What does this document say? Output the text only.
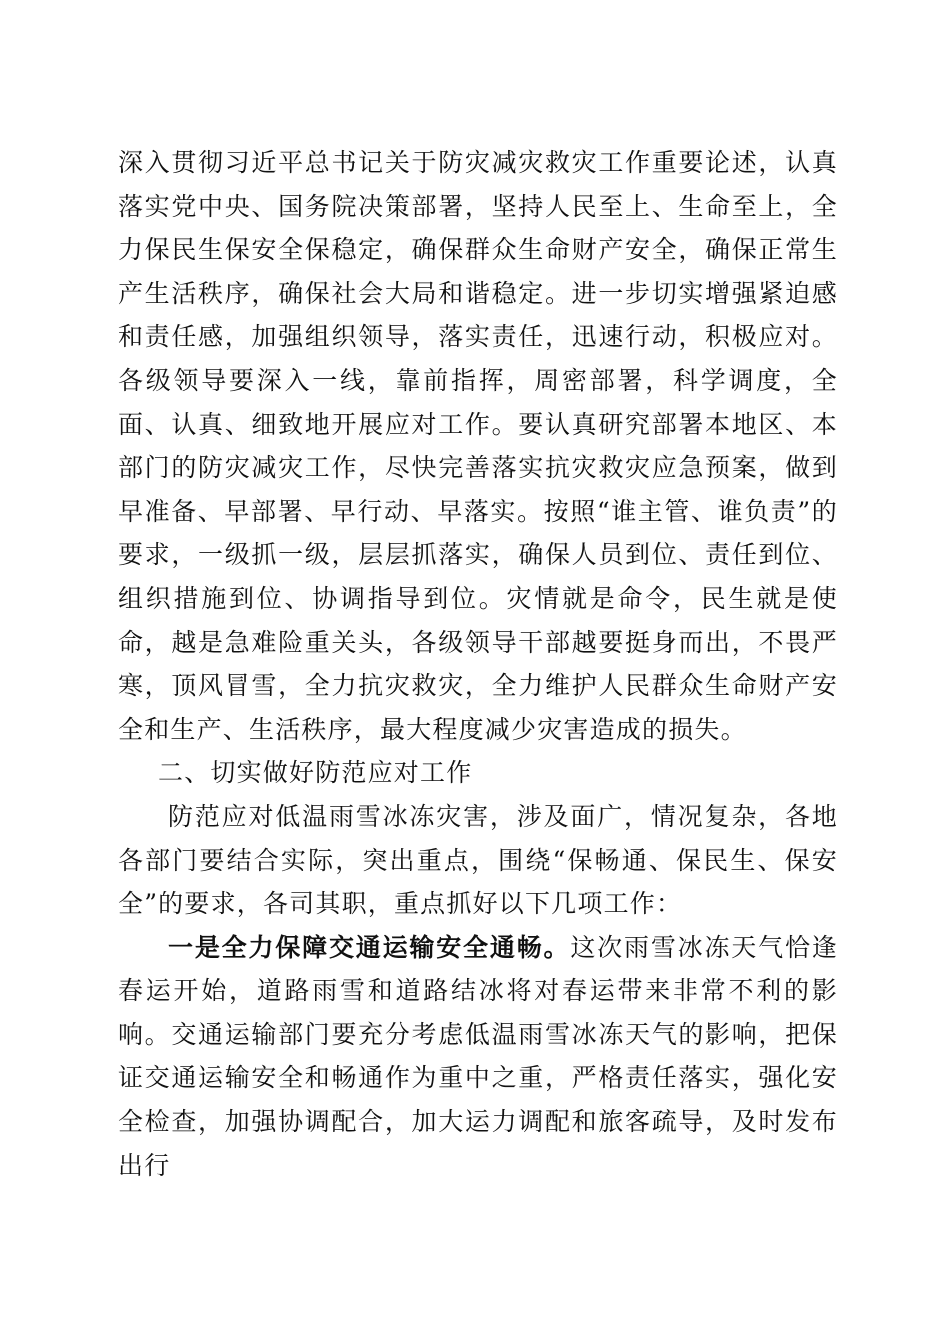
深入贯彻习近平总书记关于防灾减灾救灾工作重要论述，认真落实党中央、国务院决策部署，坚持人民至上、生命至上，全力保民生保安全保稳定，确保群众生命财产安全，确保正常生产生活秩序，确保社会大局和谐稳定。进一步切实增强紧迫感和责任感，加强组织领导，落实责任，迅速行动，积极应对。各级领导要深入一线，靠前指挥，周密部署，科学调度，全面、认真、细致地开展应对工作。要认真研究部署本地区、本部门的防灾减灾工作，尽快完善落实抗灾救灾应急预案，做到早准备、早部署、早行动、早落实。按照“谁主管、谁负责”的要求，一级抓一级，层层抓落实，确保人员到位、责任到位、组织措施到位、协调指导到位。灾情就是命令，民生就是使命，越是急难险重关头，各级领导干部越要挺身而出，不畏严寒，顶风冒雪，全力抗灾救灾，全力维护人民群众生命财产安全和生产、生活秩序，最大程度减少灾害造成的损失。

二、切实做好防范应对工作

防范应对低温雨雪冰冻灾害，涉及面广，情况复杂，各地各部门要结合实际，突出重点，围绕“保畅通、保民生、保安全”的要求，各司其职，重点抓好以下几项工作：

一是全力保障交通运输安全通畅。这次雨雪冰冻天气恰逢春运开始，道路雨雪和道路结冰将对春运带来非常不利的影响。交通运输部门要充分考虑低温雨雪冰冻天气的影响，把保证交通运输安全和畅通作为重中之重，严格责任落实，强化安全检查，加强协调配合，加大运力调配和旅客疏导，及时发布出行
